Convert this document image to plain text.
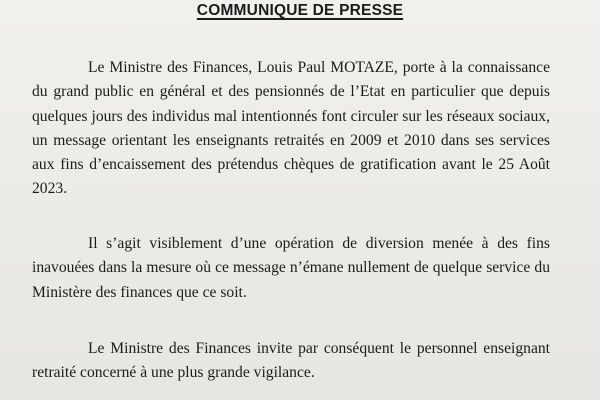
COMMUNIQUE DE PRESSE

Le Ministre des Finances, Louis Paul MOTAZE, porte à la connaissance du grand public en général et des pensionnés de l’Etat en particulier que depuis quelques jours des individus mal intentionnés font circuler sur les réseaux sociaux, un message orientant les enseignants retraités en 2009 et 2010 dans ses services aux fins d’encaissement des prétendus chèques de gratification avant le 25 Août 2023.

Il s’agit visiblement d’une opération de diversion menée à des fins inavouées dans la mesure où ce message n’émane nullement de quelque service du Ministère des finances que ce soit.

Le Ministre des Finances invite par conséquent le personnel enseignant retraité concerné à une plus grande vigilance.
